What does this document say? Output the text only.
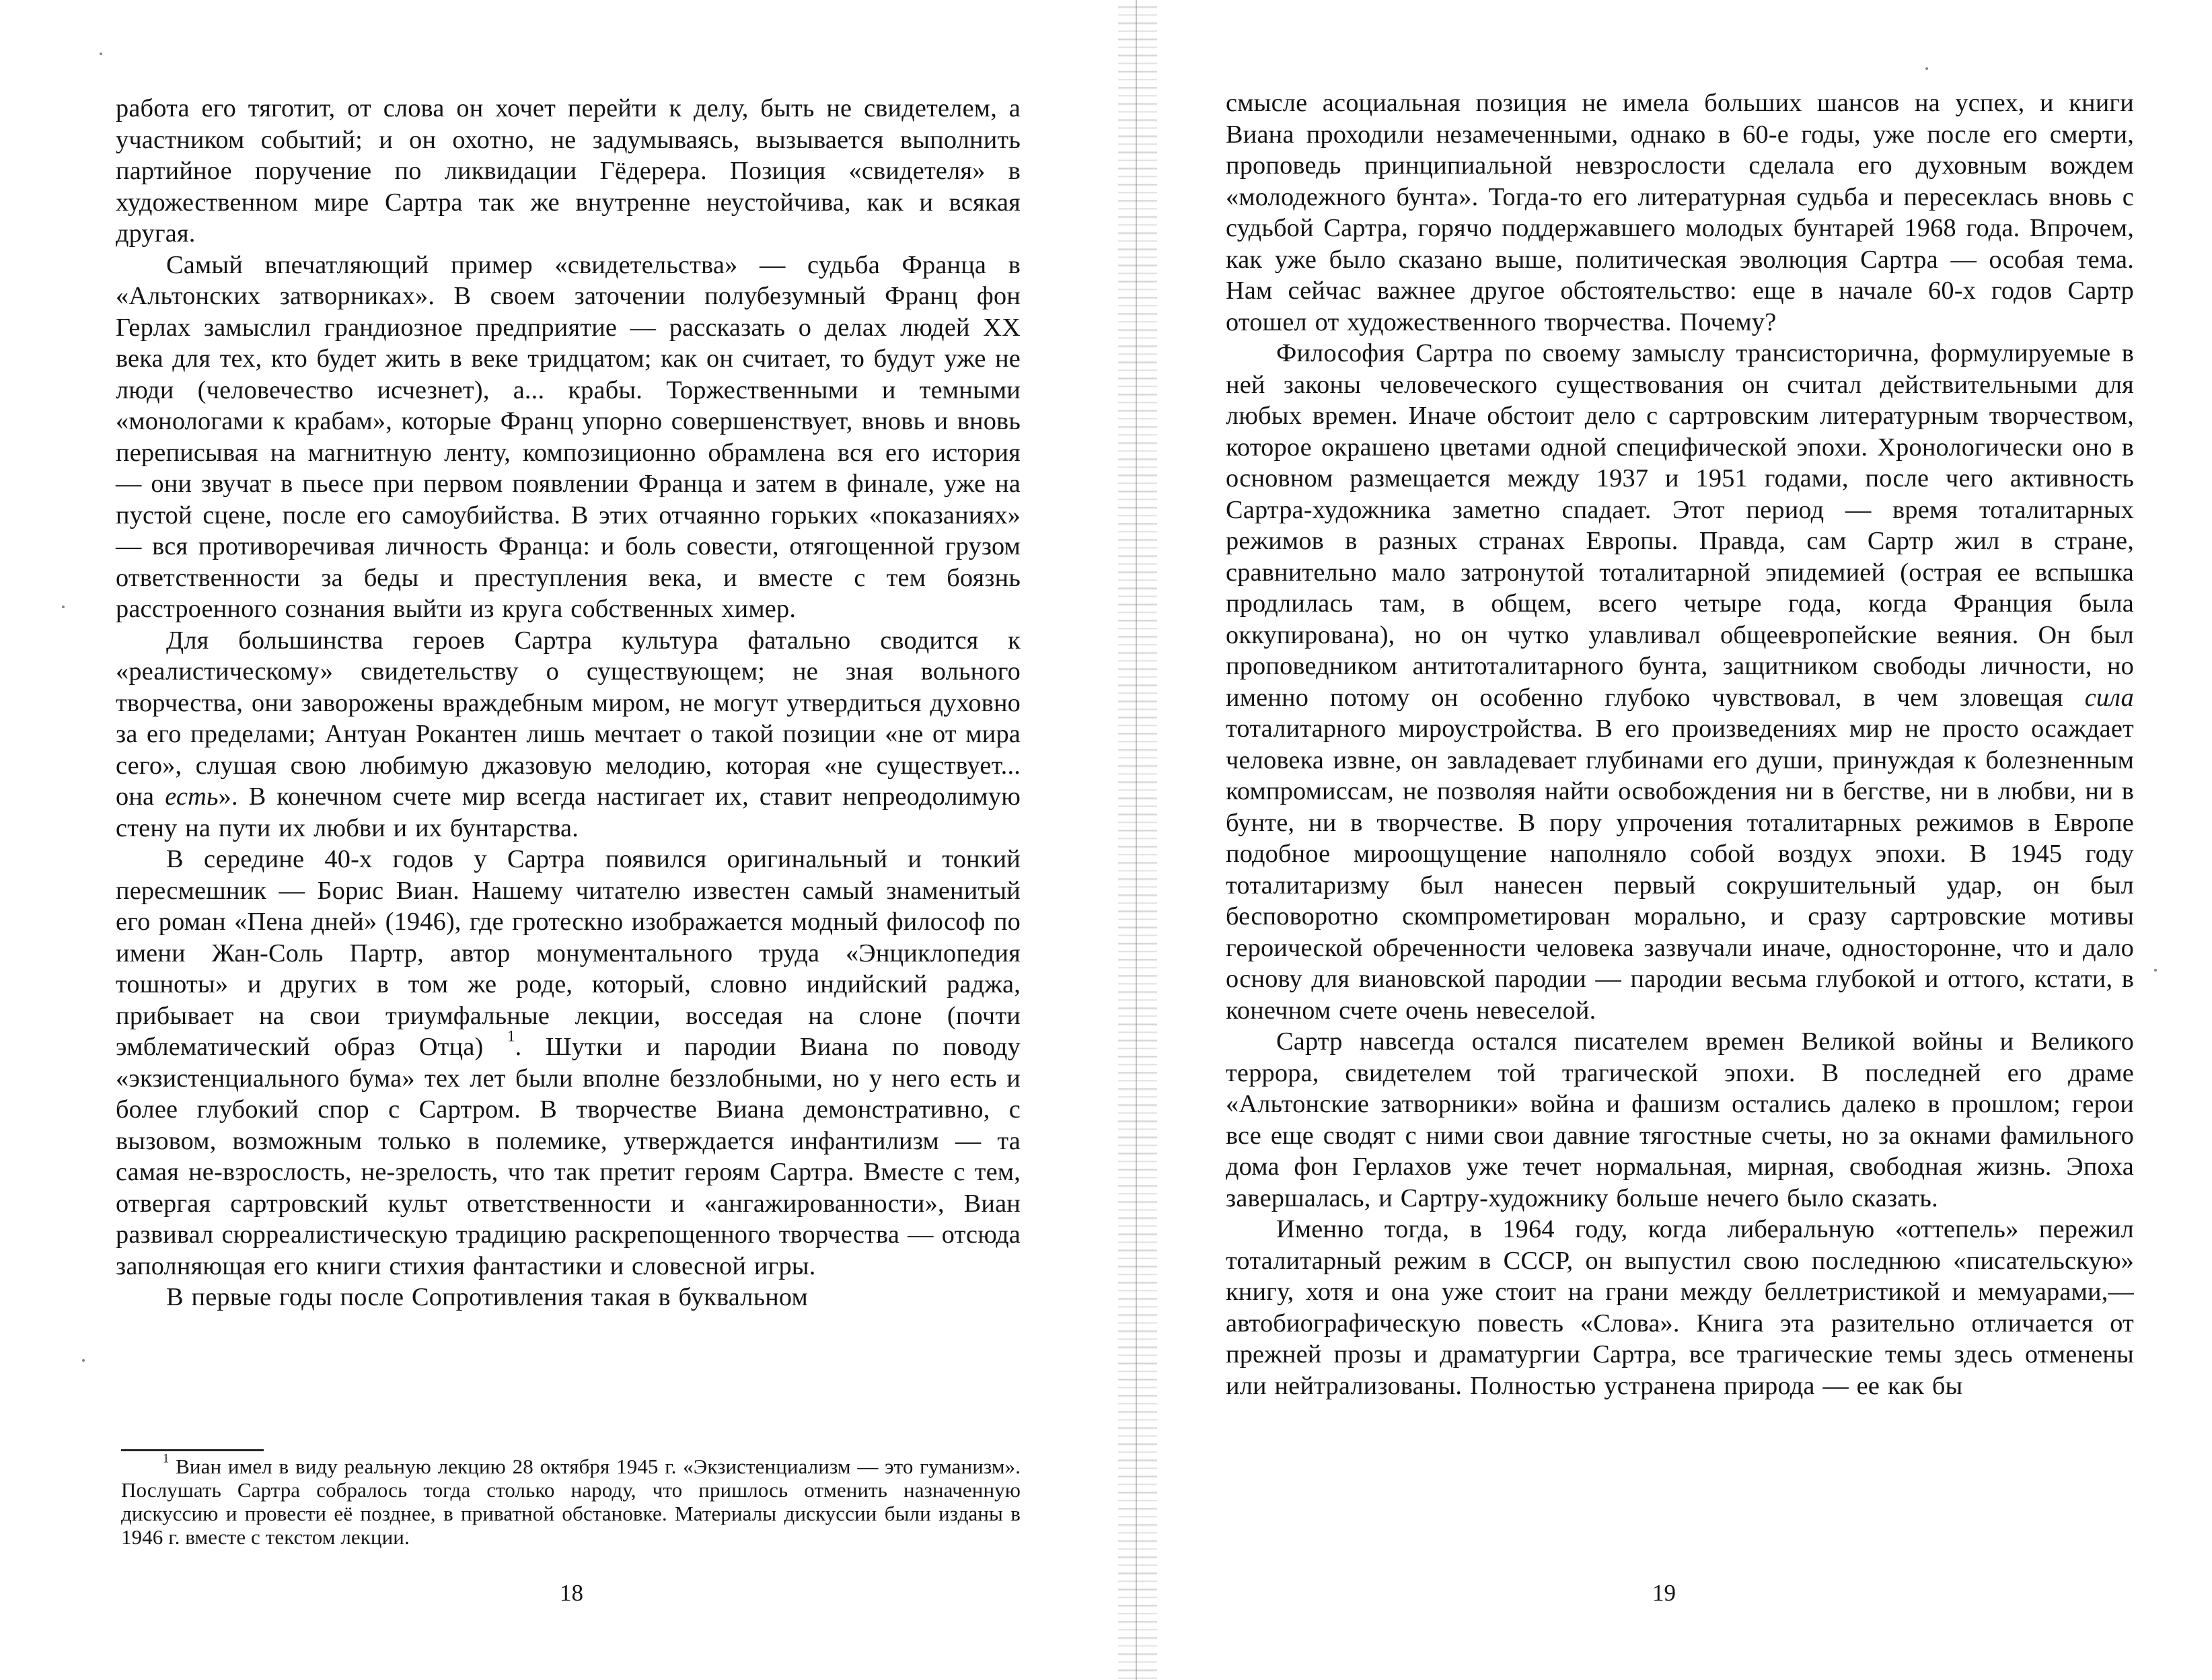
работа его тяготит, от слова он хочет перейти к делу, быть не свидетелем, а участником событий; и он охотно, не задумываясь, вызывается выполнить партийное поручение по ликвидации Гёдерера. Позиция «свидетеля» в художественном мире Сартра так же внутренне неустойчива, как и всякая другая.

Самый впечатляющий пример «свидетельства» — судьба Франца в «Альтонских затворниках». В своем заточении полубезумный Франц фон Герлах замыслил грандиозное предприятие — рассказать о делах людей XX века для тех, кто будет жить в веке тридцатом; как он считает, то будут уже не люди (человечество исчезнет), а... крабы. Торжественными и темными «монологами к крабам», которые Франц упорно совершенствует, вновь и вновь переписывая на магнитную ленту, композиционно обрамлена вся его история — они звучат в пьесе при первом появлении Франца и затем в финале, уже на пустой сцене, после его самоубийства. В этих отчаянно горьких «показаниях» — вся противоречивая личность Франца: и боль совести, отягощенной грузом ответственности за беды и преступления века, и вместе с тем боязнь расстроенного сознания выйти из круга собственных химер.

Для большинства героев Сартра культура фатально сводится к «реалистическому» свидетельству о существующем; не зная вольного творчества, они заворожены враждебным миром, не могут утвердиться духовно за его пределами; Антуан Рокантен лишь мечтает о такой позиции «не от мира сего», слушая свою любимую джазовую мелодию, которая «не существует... она есть». В конечном счете мир всегда настигает их, ставит непреодолимую стену на пути их любви и их бунтарства.

В середине 40-х годов у Сартра появился оригинальный и тонкий пересмешник — Борис Виан. Нашему читателю известен самый знаменитый его роман «Пена дней» (1946), где гротескно изображается модный философ по имени Жан-Соль Партр, автор монументального труда «Энциклопедия тошноты» и других в том же роде, который, словно индийский раджа, прибывает на свои триумфальные лекции, восседая на слоне (почти эмблематический образ Отца) $^1$. Шутки и пародии Виана по поводу «экзистенциального бума» тех лет были вполне беззлобными, но у него есть и более глубокий спор с Сартром. В творчестве Виана демонстративно, с вызовом, возможным только в полемике, утверждается инфантилизм — та самая не-взрослость, не-зрелость, что так претит героям Сартра. Вместе с тем, отвергая сартровский культ ответственности и «ангажированности», Виан развивал сюрреалистическую традицию раскрепощенного творчества — отсюда заполняющая его книги стихия фантастики и словесной игры.

В первые годы после Сопротивления такая в буквальном

$^1$ Виан имел в виду реальную лекцию 28 октября 1945 г. «Экзистенциализм — это гуманизм». Послушать Сартра собралось тогда столько народу, что пришлось отменить назначенную дискуссию и провести её позднее, в приватной обстановке. Материалы дискуссии были изданы в 1946 г. вместе с текстом лекции.
18

смысле асоциальная позиция не имела больших шансов на успех, и книги Виана проходили незамеченными, однако в 60-е годы, уже после его смерти, проповедь принципиальной невзрослости сделала его духовным вождем «молодежного бунта». Тогда-то его литературная судьба и пересеклась вновь с судьбой Сартра, горячо поддержавшего молодых бунтарей 1968 года. Впрочем, как уже было сказано выше, политическая эволюция Сартра — особая тема. Нам сейчас важнее другое обстоятельство: еще в начале 60-х годов Сартр отошел от художественного творчества. Почему?

Философия Сартра по своему замыслу трансисторична, формулируемые в ней законы человеческого существования он считал действительными для любых времен. Иначе обстоит дело с сартровским литературным творчеством, которое окрашено цветами одной специфической эпохи. Хронологически оно в основном размещается между 1937 и 1951 годами, после чего активность Сартра-художника заметно спадает. Этот период — время тоталитарных режимов в разных странах Европы. Правда, сам Сартр жил в стране, сравнительно мало затронутой тоталитарной эпидемией (острая ее вспышка продлилась там, в общем, всего четыре года, когда Франция была оккупирована), но он чутко улавливал общеевропейские веяния. Он был проповедником антитоталитарного бунта, защитником свободы личности, но именно потому он особенно глубоко чувствовал, в чем зловещая сила тоталитарного мироустройства. В его произведениях мир не просто осаждает человека извне, он завладевает глубинами его души, принуждая к болезненным компромиссам, не позволяя найти освобождения ни в бегстве, ни в любви, ни в бунте, ни в творчестве. В пору упрочения тоталитарных режимов в Европе подобное мироощущение наполняло собой воздух эпохи. В 1945 году тоталитаризму был нанесен первый сокрушительный удар, он был бесповоротно скомпрометирован морально, и сразу сартровские мотивы героической обреченности человека зазвучали иначе, односторонне, что и дало основу для виановской пародии — пародии весьма глубокой и оттого, кстати, в конечном счете очень невеселой.

Сартр навсегда остался писателем времен Великой войны и Великого террора, свидетелем той трагической эпохи. В последней его драме «Альтонские затворники» война и фашизм остались далеко в прошлом; герои все еще сводят с ними свои давние тягостные счеты, но за окнами фамильного дома фон Герлахов уже течет нормальная, мирная, свободная жизнь. Эпоха завершалась, и Сартру-художнику больше нечего было сказать.

Именно тогда, в 1964 году, когда либеральную «оттепель» пережил тоталитарный режим в СССР, он выпустил свою последнюю «писательскую» книгу, хотя и она уже стоит на грани между беллетристикой и мемуарами,— автобиографическую повесть «Слова». Книга эта разительно отличается от прежней прозы и драматургии Сартра, все трагические темы здесь отменены или нейтрализованы. Полностью устранена природа — ее как бы

19
